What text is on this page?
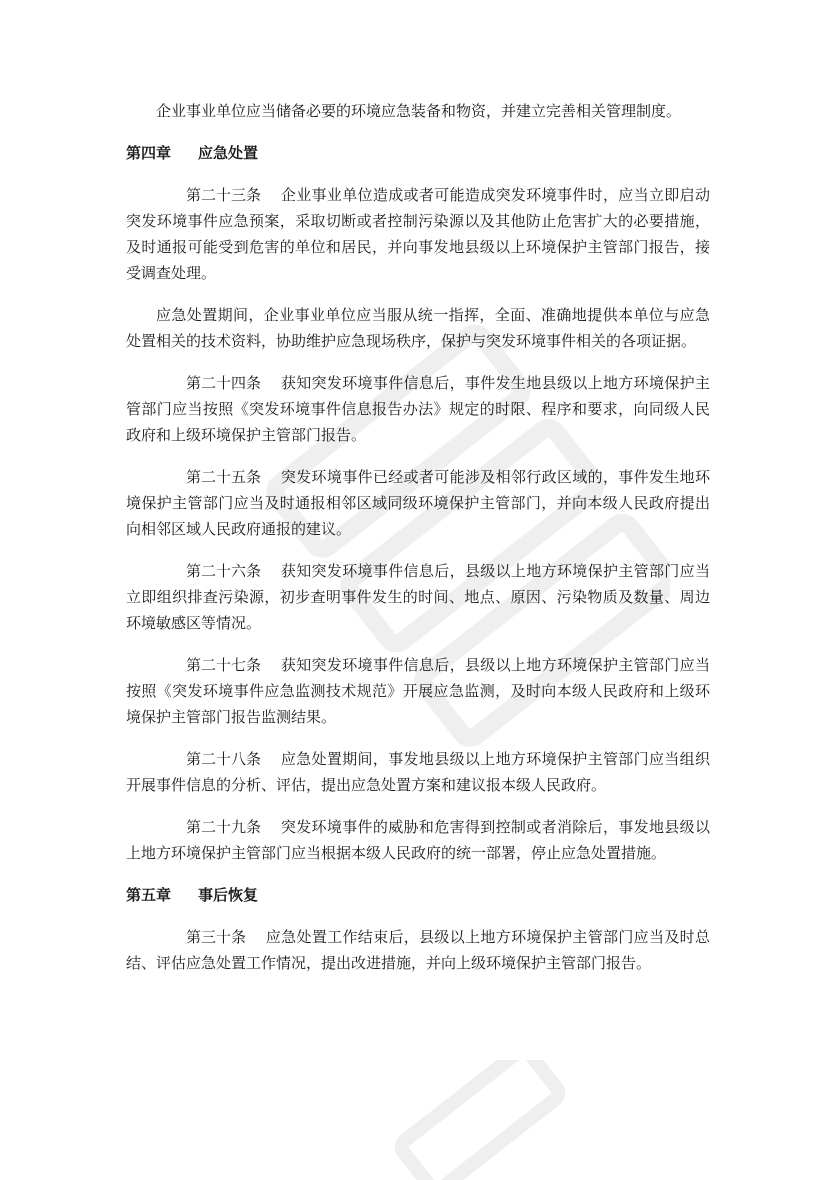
企业事业单位应当储备必要的环境应急装备和物资，并建立完善相关管理制度。

第四章 应急处置

第二十三条 企业事业单位造成或者可能造成突发环境事件时，应当立即启动突发环境事件应急预案，采取切断或者控制污染源以及其他防止危害扩大的必要措施，及时通报可能受到危害的单位和居民，并向事发地县级以上环境保护主管部门报告，接受调查处理。

应急处置期间，企业事业单位应当服从统一指挥，全面、准确地提供本单位与应急处置相关的技术资料，协助维护应急现场秩序，保护与突发环境事件相关的各项证据。

第二十四条 获知突发环境事件信息后，事件发生地县级以上地方环境保护主管部门应当按照《突发环境事件信息报告办法》规定的时限、程序和要求，向同级人民政府和上级环境保护主管部门报告。

第二十五条 突发环境事件已经或者可能涉及相邻行政区域的，事件发生地环境保护主管部门应当及时通报相邻区域同级环境保护主管部门，并向本级人民政府提出向相邻区域人民政府通报的建议。

第二十六条 获知突发环境事件信息后，县级以上地方环境保护主管部门应当立即组织排查污染源，初步查明事件发生的时间、地点、原因、污染物质及数量、周边环境敏感区等情况。

第二十七条 获知突发环境事件信息后，县级以上地方环境保护主管部门应当按照《突发环境事件应急监测技术规范》开展应急监测，及时向本级人民政府和上级环境保护主管部门报告监测结果。

第二十八条 应急处置期间，事发地县级以上地方环境保护主管部门应当组织开展事件信息的分析、评估，提出应急处置方案和建议报本级人民政府。

第二十九条 突发环境事件的威胁和危害得到控制或者消除后，事发地县级以上地方环境保护主管部门应当根据本级人民政府的统一部署，停止应急处置措施。

第五章 事后恢复

第三十条 应急处置工作结束后，县级以上地方环境保护主管部门应当及时总结、评估应急处置工作情况，提出改进措施，并向上级环境保护主管部门报告。
